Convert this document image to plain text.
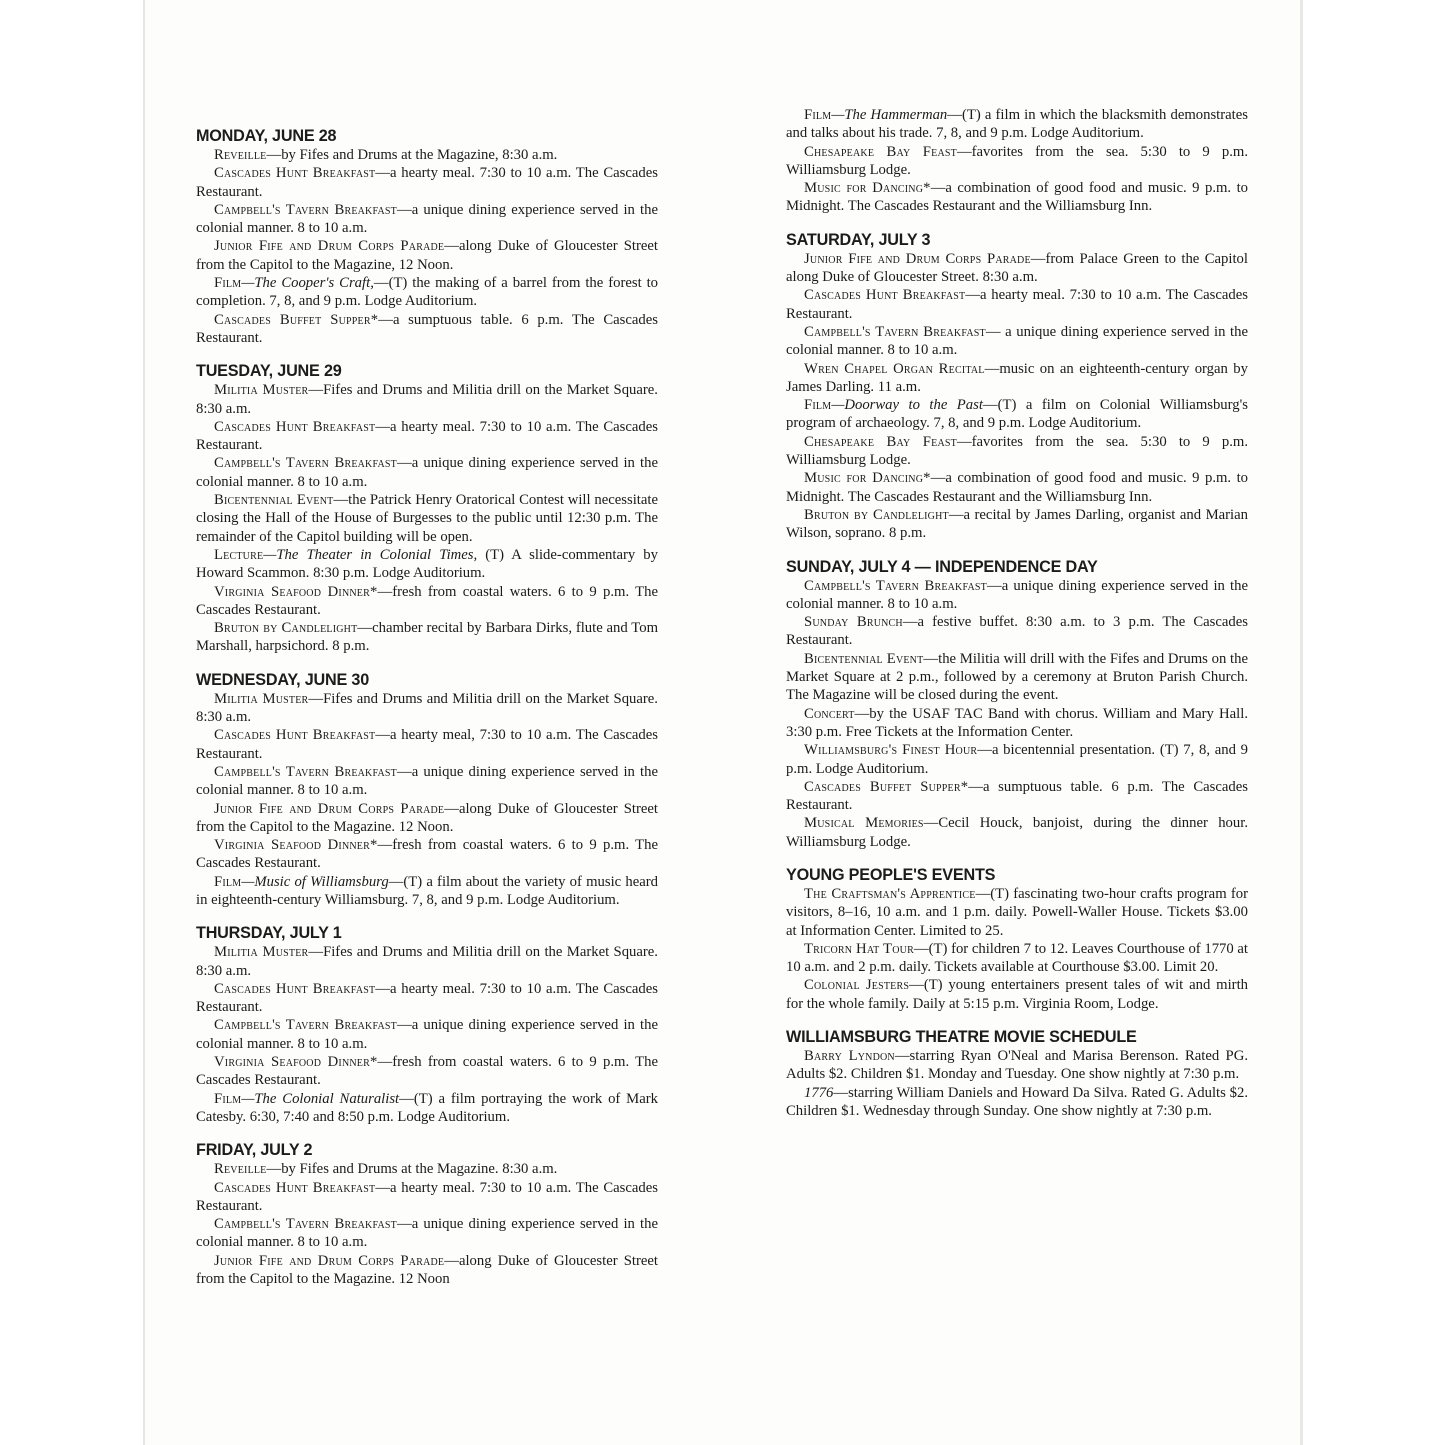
MONDAY, JUNE 28

Reveille—by Fifes and Drums at the Magazine, 8:30 a.m.

Cascades Hunt Breakfast—a hearty meal. 7:30 to 10 a.m. The Cascades Restaurant.

Campbell's Tavern Breakfast—a unique dining experience served in the colonial manner. 8 to 10 a.m.

Junior Fife and Drum Corps Parade—along Duke of Gloucester Street from the Capitol to the Magazine, 12 Noon.

Film—The Cooper's Craft,—(T) the making of a barrel from the forest to completion. 7, 8, and 9 p.m. Lodge Auditorium.

Cascades Buffet Supper*—a sumptuous table. 6 p.m. The Cascades Restaurant.

TUESDAY, JUNE 29

Militia Muster—Fifes and Drums and Militia drill on the Market Square. 8:30 a.m.

Cascades Hunt Breakfast—a hearty meal. 7:30 to 10 a.m. The Cascades Restaurant.

Campbell's Tavern Breakfast—a unique dining experience served in the colonial manner. 8 to 10 a.m.

Bicentennial Event—the Patrick Henry Oratorical Contest will necessitate closing the Hall of the House of Burgesses to the public until 12:30 p.m. The remainder of the Capitol building will be open.

Lecture—The Theater in Colonial Times, (T) A slide-commentary by Howard Scammon. 8:30 p.m. Lodge Auditorium.

Virginia Seafood Dinner*—fresh from coastal waters. 6 to 9 p.m. The Cascades Restaurant.

Bruton by Candlelight—chamber recital by Barbara Dirks, flute and Tom Marshall, harpsichord. 8 p.m.

WEDNESDAY, JUNE 30

Militia Muster—Fifes and Drums and Militia drill on the Market Square. 8:30 a.m.

Cascades Hunt Breakfast—a hearty meal, 7:30 to 10 a.m. The Cascades Restaurant.

Campbell's Tavern Breakfast—a unique dining experience served in the colonial manner. 8 to 10 a.m.

Junior Fife and Drum Corps Parade—along Duke of Gloucester Street from the Capitol to the Magazine. 12 Noon.

Virginia Seafood Dinner*—fresh from coastal waters. 6 to 9 p.m. The Cascades Restaurant.

Film—Music of Williamsburg—(T) a film about the variety of music heard in eighteenth-century Williamsburg. 7, 8, and 9 p.m. Lodge Auditorium.

THURSDAY, JULY 1

Militia Muster—Fifes and Drums and Militia drill on the Market Square. 8:30 a.m.

Cascades Hunt Breakfast—a hearty meal. 7:30 to 10 a.m. The Cascades Restaurant.

Campbell's Tavern Breakfast—a unique dining experience served in the colonial manner. 8 to 10 a.m.

Virginia Seafood Dinner*—fresh from coastal waters. 6 to 9 p.m. The Cascades Restaurant.

Film—The Colonial Naturalist—(T) a film portraying the work of Mark Catesby. 6:30, 7:40 and 8:50 p.m. Lodge Auditorium.

FRIDAY, JULY 2

Reveille—by Fifes and Drums at the Magazine. 8:30 a.m.

Cascades Hunt Breakfast—a hearty meal. 7:30 to 10 a.m. The Cascades Restaurant.

Campbell's Tavern Breakfast—a unique dining experience served in the colonial manner. 8 to 10 a.m.

Junior Fife and Drum Corps Parade—along Duke of Gloucester Street from the Capitol to the Magazine. 12 Noon

Film—The Hammerman—(T) a film in which the blacksmith demonstrates and talks about his trade. 7, 8, and 9 p.m. Lodge Auditorium.

Chesapeake Bay Feast—favorites from the sea. 5:30 to 9 p.m. Williamsburg Lodge.

Music for Dancing*—a combination of good food and music. 9 p.m. to Midnight. The Cascades Restaurant and the Williamsburg Inn.

SATURDAY, JULY 3

Junior Fife and Drum Corps Parade—from Palace Green to the Capitol along Duke of Gloucester Street. 8:30 a.m.

Cascades Hunt Breakfast—a hearty meal. 7:30 to 10 a.m. The Cascades Restaurant.

Campbell's Tavern Breakfast— a unique dining experience served in the colonial manner. 8 to 10 a.m.

Wren Chapel Organ Recital—music on an eighteenth-century organ by James Darling. 11 a.m.

Film—Doorway to the Past—(T) a film on Colonial Williamsburg's program of archaeology. 7, 8, and 9 p.m. Lodge Auditorium.

Chesapeake Bay Feast—favorites from the sea. 5:30 to 9 p.m. Williamsburg Lodge.

Music for Dancing*—a combination of good food and music. 9 p.m. to Midnight. The Cascades Restaurant and the Williamsburg Inn.

Bruton by Candlelight—a recital by James Darling, organist and Marian Wilson, soprano. 8 p.m.

SUNDAY, JULY 4 — INDEPENDENCE DAY

Campbell's Tavern Breakfast—a unique dining experience served in the colonial manner. 8 to 10 a.m.

Sunday Brunch—a festive buffet. 8:30 a.m. to 3 p.m. The Cascades Restaurant.

Bicentennial Event—the Militia will drill with the Fifes and Drums on the Market Square at 2 p.m., followed by a ceremony at Bruton Parish Church. The Magazine will be closed during the event.

Concert—by the USAF TAC Band with chorus. William and Mary Hall. 3:30 p.m. Free Tickets at the Information Center.

Williamsburg's Finest Hour—a bicentennial presentation. (T) 7, 8, and 9 p.m. Lodge Auditorium.

Cascades Buffet Supper*—a sumptuous table. 6 p.m. The Cascades Restaurant.

Musical Memories—Cecil Houck, banjoist, during the dinner hour. Williamsburg Lodge.

YOUNG PEOPLE'S EVENTS

The Craftsman's Apprentice—(T) fascinating two-hour crafts program for visitors, 8–16, 10 a.m. and 1 p.m. daily. Powell-Waller House. Tickets $3.00 at Information Center. Limited to 25.

Tricorn Hat Tour—(T) for children 7 to 12. Leaves Courthouse of 1770 at 10 a.m. and 2 p.m. daily. Tickets available at Courthouse $3.00. Limit 20.

Colonial Jesters—(T) young entertainers present tales of wit and mirth for the whole family. Daily at 5:15 p.m. Virginia Room, Lodge.

WILLIAMSBURG THEATRE MOVIE SCHEDULE

Barry Lyndon—starring Ryan O'Neal and Marisa Berenson. Rated PG. Adults $2. Children $1. Monday and Tuesday. One show nightly at 7:30 p.m.

1776—starring William Daniels and Howard Da Silva. Rated G. Adults $2. Children $1. Wednesday through Sunday. One show nightly at 7:30 p.m.
